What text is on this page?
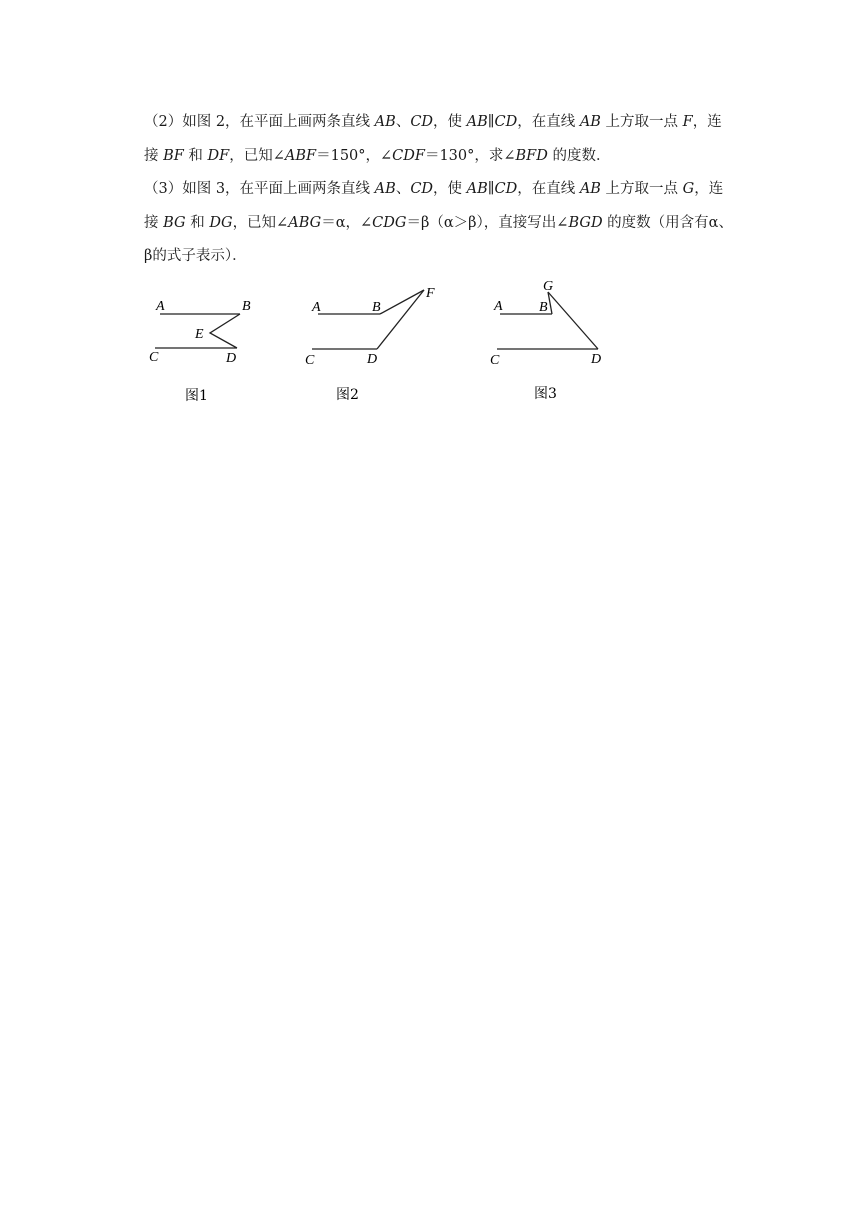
（2）如图 2，在平面上画两条直线 AB、CD，使 AB∥CD，在直线 AB 上方取一点 F，连

接 BF 和 DF，已知∠ABF＝150°，∠CDF＝130°，求∠BFD 的度数．

（3）如图 3，在平面上画两条直线 AB、CD，使 AB∥CD，在直线 AB 上方取一点 G，连

接 BG 和 DG，已知∠ABG＝α，∠CDG＝β（α＞β），直接写出∠BGD 的度数（用含有α、

β的式子表示）．

A	B
E
C	D
图1
A	B
F
C	D
图2
G
A	B
C	D
图3
